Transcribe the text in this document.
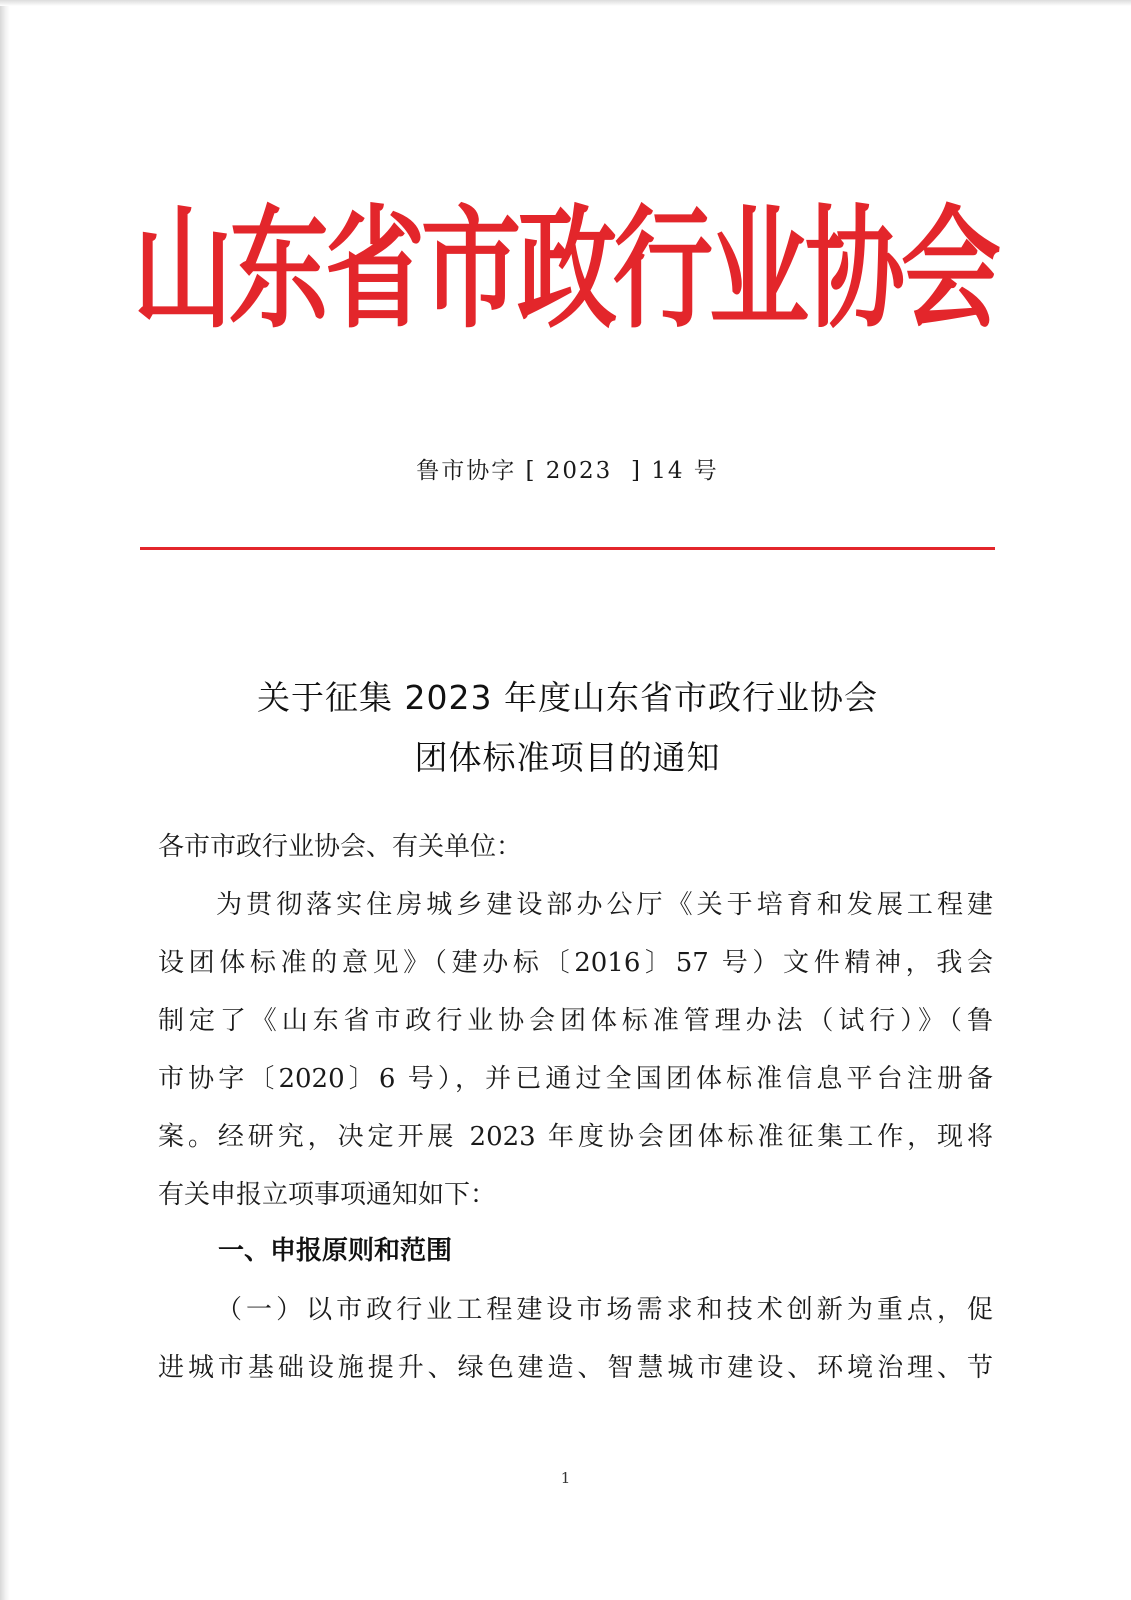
山东省市政行业协会
鲁市协字 [ 2023  ] 14 号
关于征集 2023 年度山东省市政行业协会
团体标准项目的通知
各市市政行业协会、有关单位：
为贯彻落实住房城乡建设部办公厅《关于培育和发展工程建
设团体标准的意见》（建办标〔2016〕57 号）文件精神，我会
制定了《山东省市政行业协会团体标准管理办法（试行）》（鲁
市协字〔2020〕6 号），并已通过全国团体标准信息平台注册备
案。经研究，决定开展 2023 年度协会团体标准征集工作，现将
有关申报立项事项通知如下：
一、申报原则和范围
（一）以市政行业工程建设市场需求和技术创新为重点，促
进城市基础设施提升、绿色建造、智慧城市建设、环境治理、节
1
